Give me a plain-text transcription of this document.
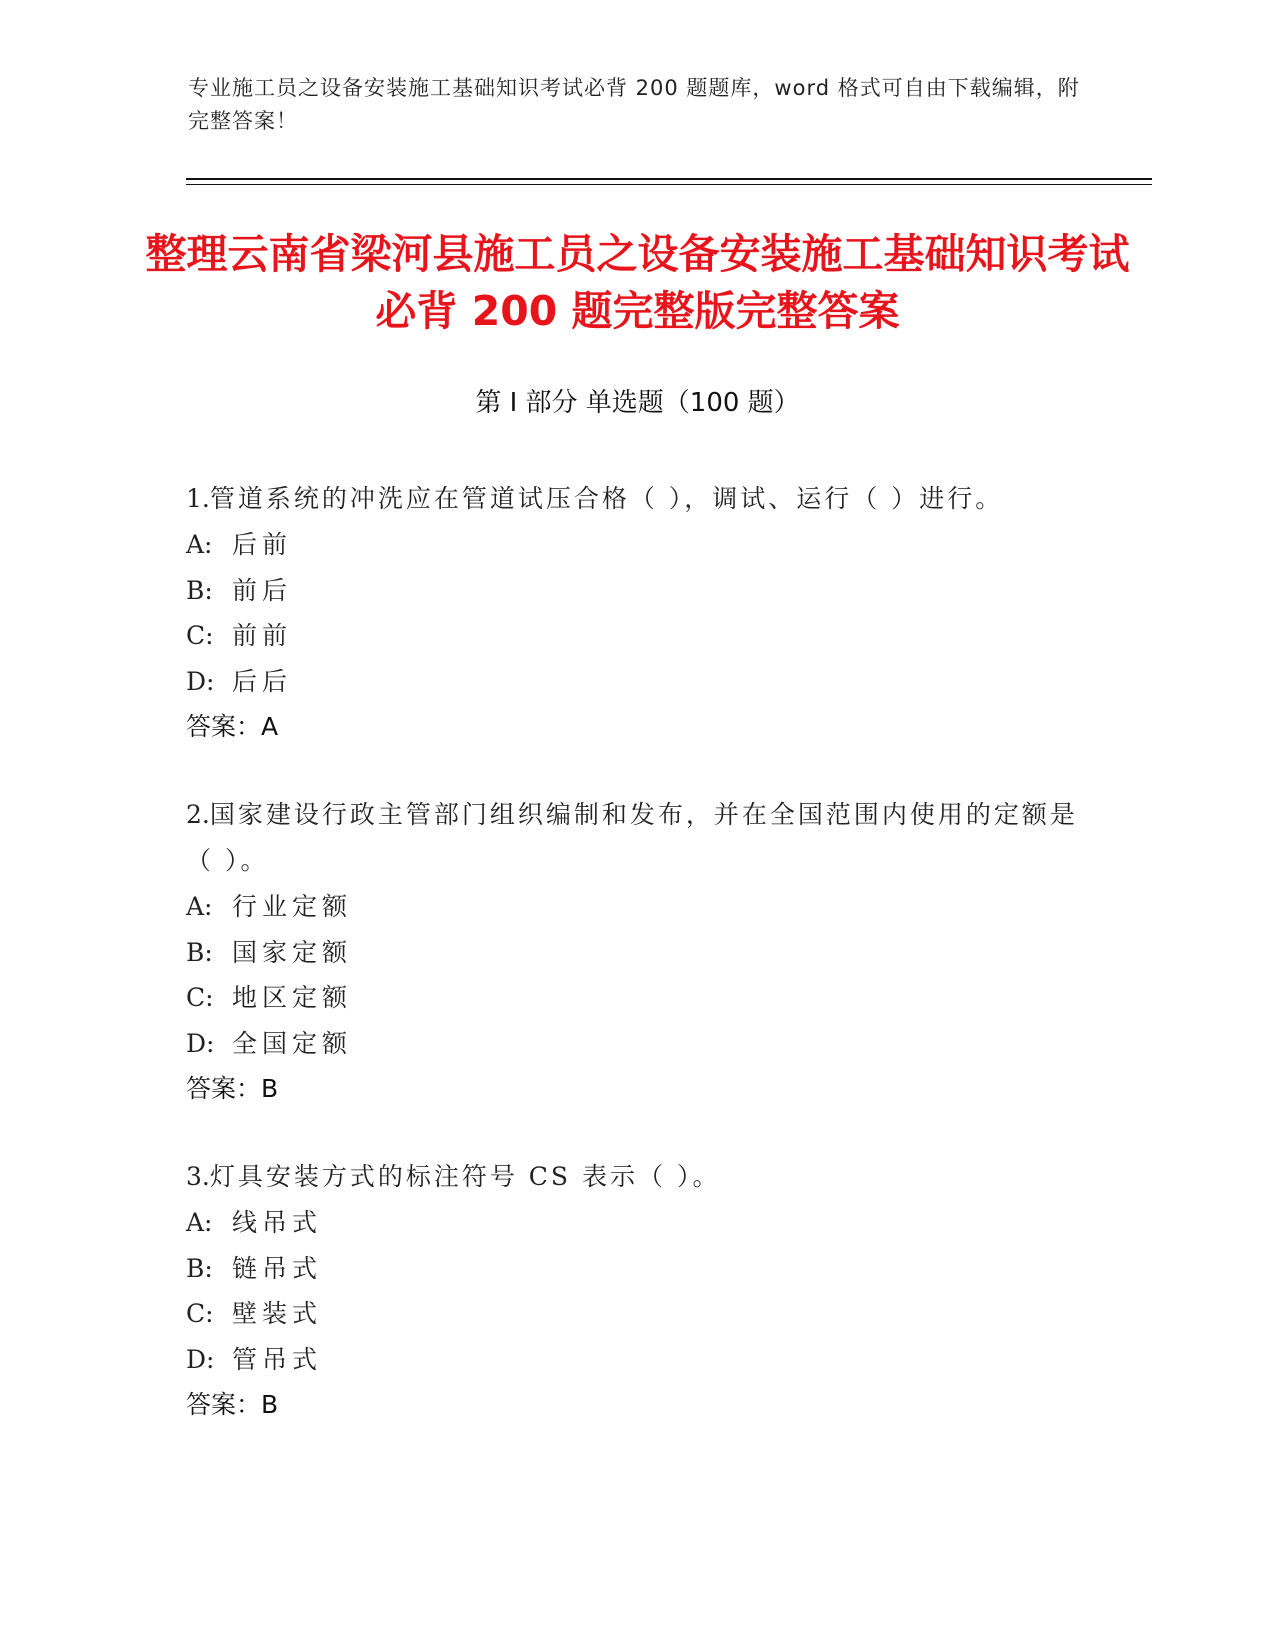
专业施工员之设备安装施工基础知识考试必背 200 题题库，word 格式可自由下载编辑，附完整答案！
整理云南省梁河县施工员之设备安装施工基础知识考试必背 200 题完整版完整答案
第 I 部分 单选题（100 题）

1.管道系统的冲洗应在管道试压合格（ ），调试、运行（ ）进行。

A: 后前
B: 前后
C: 前前
D: 后后
答案：A

2.国家建设行政主管部门组织编制和发布，并在全国范围内使用的定额是（ ）。

A: 行业定额
B: 国家定额
C: 地区定额
D: 全国定额
答案：B

3.灯具安装方式的标注符号 CS 表示（ ）。

A: 线吊式
B: 链吊式
C: 壁装式
D: 管吊式
答案：B
